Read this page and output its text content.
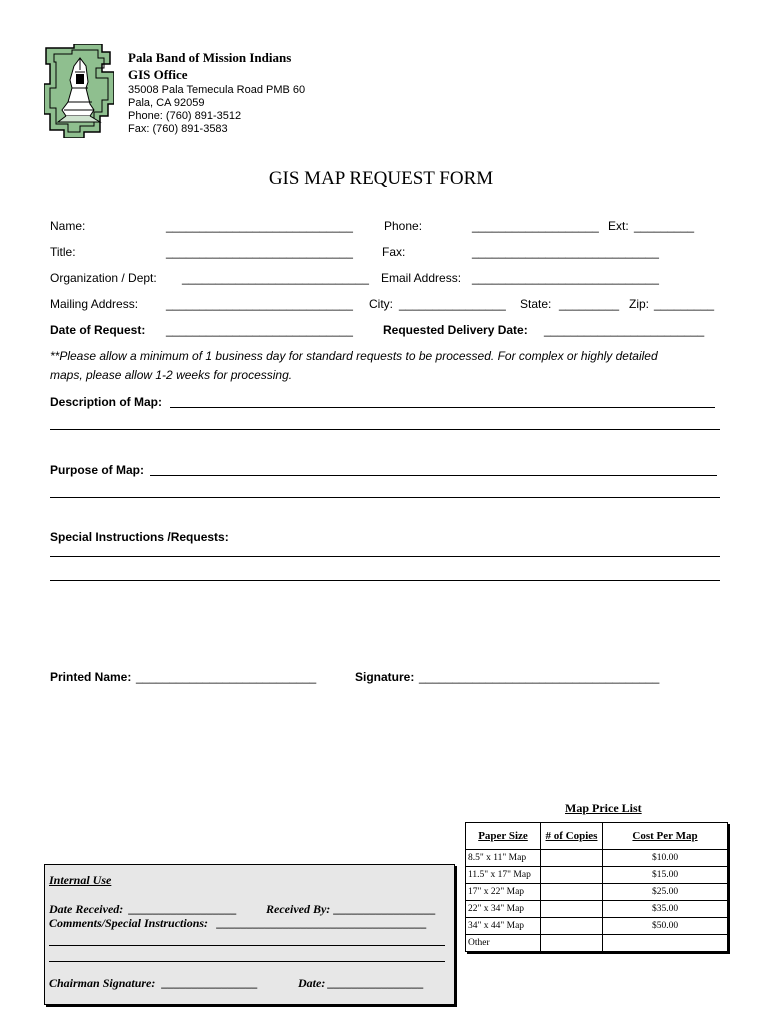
Pala Band of Mission Indians
GIS Office
35008 Pala Temecula Road PMB 60
Pala, CA 92059
Phone: (760) 891-3512
Fax: (760) 891-3583
GIS MAP REQUEST FORM
Name:	____________________________	Phone:	___________________ Ext: _________
Title:	____________________________ Fax:	____________________________
Organization / Dept: ____________________________ Email Address: ____________________________
Mailing Address: ____________________________ City: ________________ State: _________ Zip: _________
Date of Request: ____________________________	Requested Delivery Date: ________________________
**Please allow a minimum of 1 business day for standard requests to be processed. For complex or highly detailed
maps, please allow 1-2 weeks for processing.
Description of Map:
Purpose of Map:
Special Instructions /Requests:
Printed Name: ___________________________	Signature: ____________________________________
Internal Use
Date Received: __________________ Received By: _________________
Comments/Special Instructions: ___________________________________
Chairman Signature: ________________	Date: ________________
Map Price List
Paper Size	# of Copies	Cost Per Map
8.5" x 11" Map		$10.00
11.5" x 17" Map		$15.00
17" x 22" Map		$25.00
22" x 34" Map		$35.00
34" x 44" Map		$50.00
Other		
